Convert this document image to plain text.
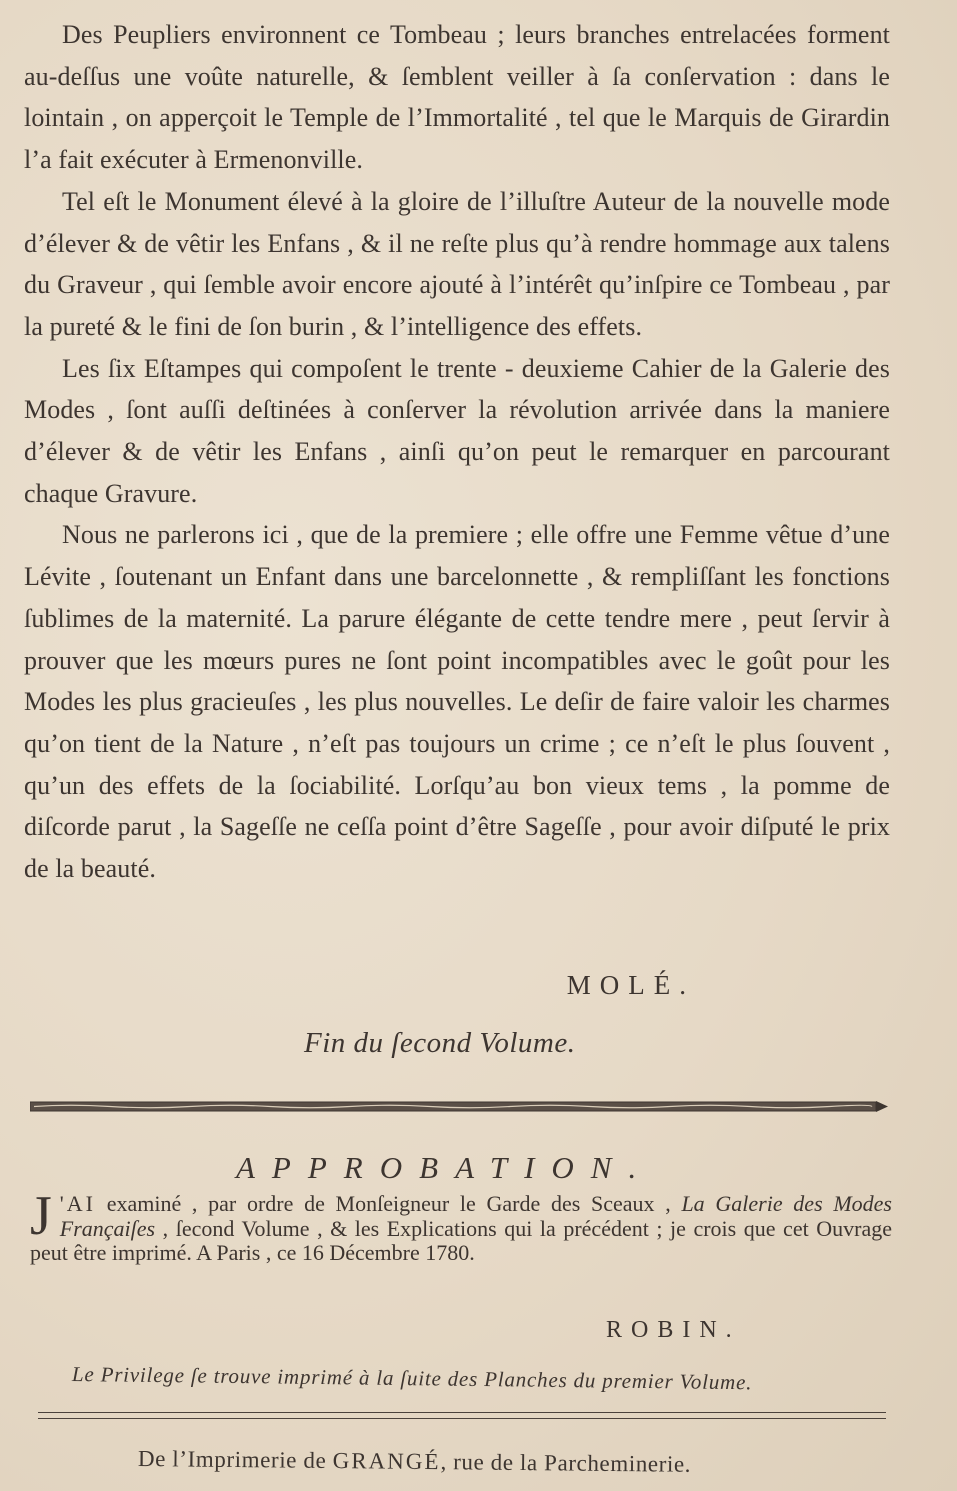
Des Peupliers environnent ce Tombeau ; leurs branches entrelacées forment au-deſſus une voûte naturelle, & ſemblent veiller à ſa conſervation : dans le lointain , on apperçoit le Temple de l’Immortalité , tel que le Marquis de Girardin l’a fait exécuter à Ermenonville.

Tel eſt le Monument élevé à la gloire de l’illuſtre Auteur de la nouvelle mode d’élever & de vêtir les Enfans , & il ne reſte plus qu’à rendre hommage aux talens du Graveur , qui ſemble avoir encore ajouté à l’intérêt qu’inſpire ce Tombeau , par la pureté & le fini de ſon burin , & l’intelligence des effets.

Les ſix Eſtampes qui compoſent le trente - deuxieme Cahier de la Galerie des Modes , ſont auſſi deſtinées à conſerver la révolution arrivée dans la maniere d’élever & de vêtir les Enfans , ainſi qu’on peut le remarquer en parcourant chaque Gravure.

Nous ne parlerons ici , que de la premiere ; elle offre une Femme vêtue d’une Lévite , ſoutenant un Enfant dans une barcelonnette , & rempliſſant les fonctions ſublimes de la maternité. La parure élégante de cette tendre mere , peut ſervir à prouver que les mœurs pures ne ſont point incompatibles avec le goût pour les Modes les plus gracieuſes , les plus nouvelles. Le deſir de faire valoir les charmes qu’on tient de la Nature , n’eſt pas toujours un crime ; ce n’eſt le plus ſouvent , qu’un des effets de la ſociabilité. Lorſqu’au bon vieux tems , la pomme de diſcorde parut , la Sageſſe ne ceſſa point d’être Sageſſe , pour avoir diſputé le prix de la beauté.

MOLÉ.
Fin du ſecond Volume.
APPROBATION.
J 'AI examiné , par ordre de Monſeigneur le Garde des Sceaux , La Galerie des Modes Françaiſes , ſecond Volume , & les Explications qui la précédent ; je crois que cet Ouvrage peut être imprimé. A Paris , ce 16 Décembre 1780.
ROBIN.
Le Privilege ſe trouve imprimé à la ſuite des Planches du premier Volume.
De l’Imprimerie de GRANGÉ, rue de la Parcheminerie.
